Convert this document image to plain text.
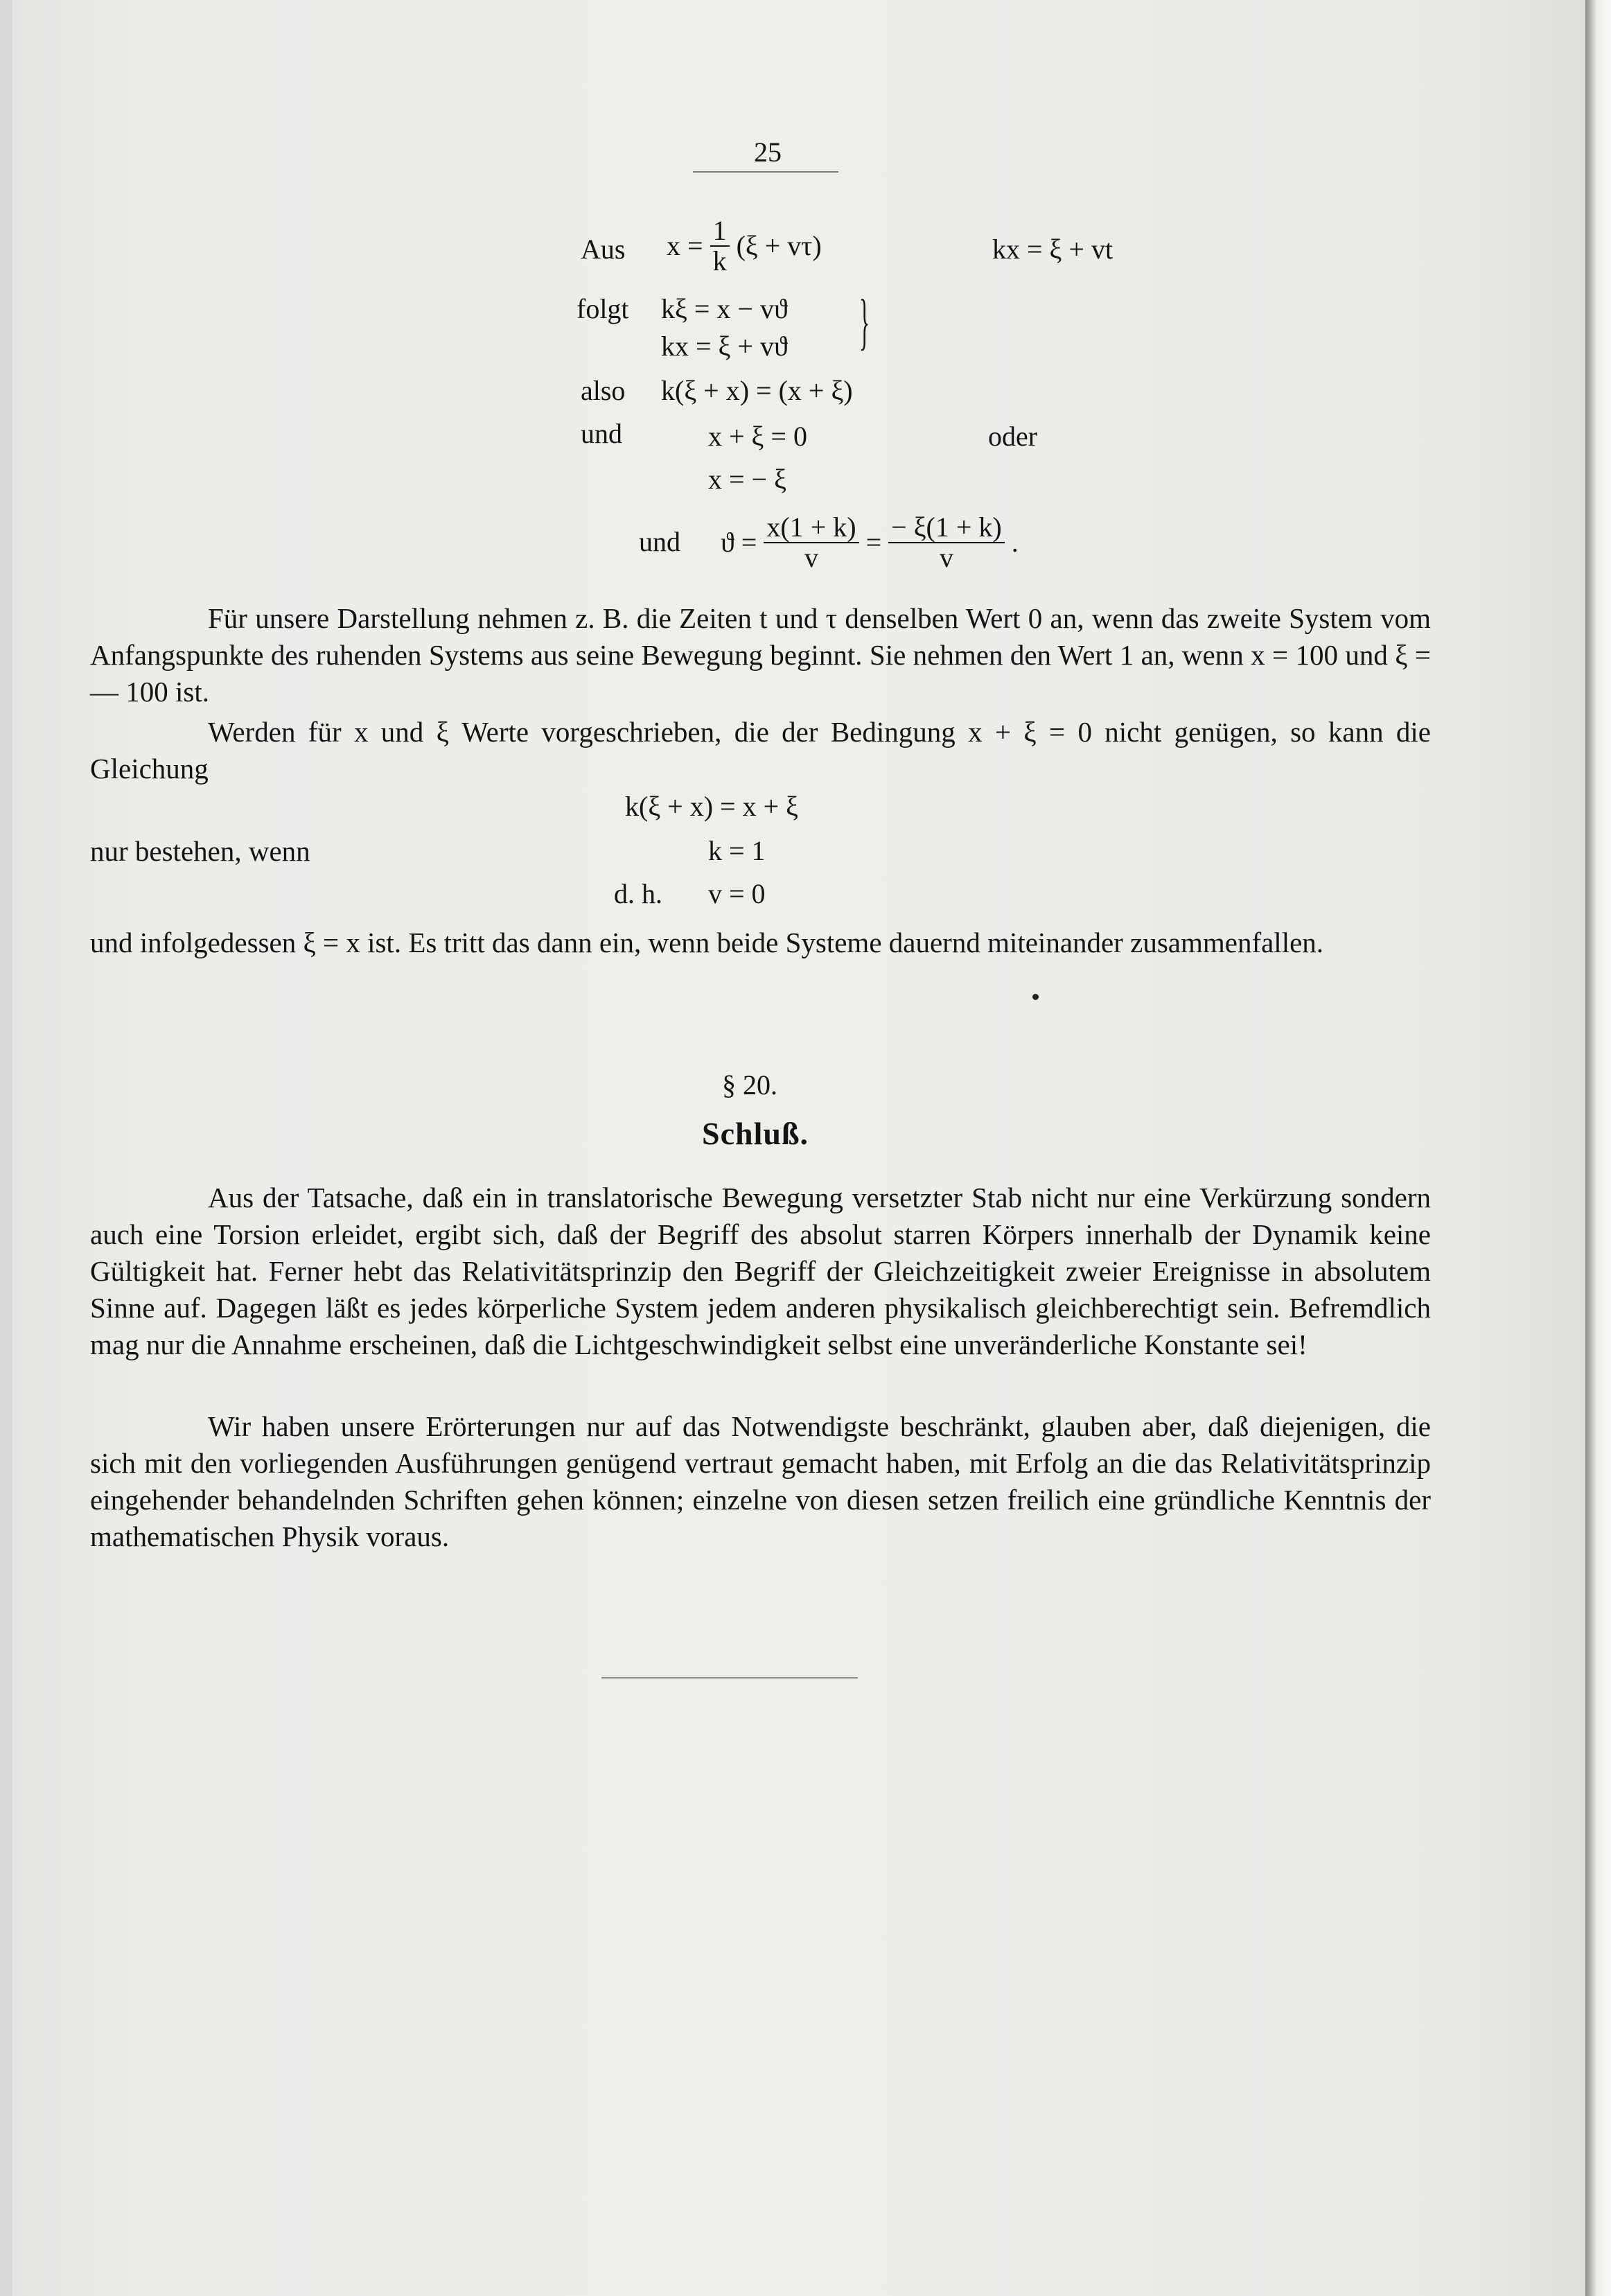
25
Aus $x = \frac{1}{k} (\xi + v\tau)$	kx = ξ + vt
folgt kξ = x − vϑ
kx = ξ + vϑ }
also k(ξ + x) = (x + ξ)
und	x + ξ = 0	oder
x = − ξ
und $ϑ = \frac{x(1 + k)}{v} = \frac{- \xi(1 + k)}{v}$ .
Für unsere Darstellung nehmen z. B. die Zeiten t und τ denselben Wert 0 an, wenn das zweite System vom Anfangspunkte des ruhenden Systems aus seine Bewegung beginnt. Sie nehmen den Wert 1 an, wenn x = 100 und ξ = — 100 ist.
Werden für x und ξ Werte vorgeschrieben, die der Bedingung x + ξ = 0 nicht genügen, so kann die Gleichung
k(ξ + x) = x + ξ
nur bestehen, wenn	k = 1
d. h. v = 0
und infolgedessen ξ = x ist. Es tritt das dann ein, wenn beide Systeme dauernd miteinander zusammenfallen.
§ 20.
Schluß.
Aus der Tatsache, daß ein in translatorische Bewegung versetzter Stab nicht nur eine Verkürzung sondern auch eine Torsion erleidet, ergibt sich, daß der Begriff des absolut starren Körpers innerhalb der Dynamik keine Gültigkeit hat. Ferner hebt das Relativitätsprinzip den Begriff der Gleichzeitigkeit zweier Ereignisse in absolutem Sinne auf. Dagegen läßt es jedes körperliche System jedem anderen physikalisch gleichberechtigt sein. Befremdlich mag nur die Annahme erscheinen, daß die Lichtgeschwindigkeit selbst eine unveränderliche Konstante sei!
Wir haben unsere Erörterungen nur auf das Notwendigste beschränkt, glauben aber, daß diejenigen, die sich mit den vorliegenden Ausführungen genügend vertraut gemacht haben, mit Erfolg an die das Relativitätsprinzip eingehender behandelnden Schriften gehen können; einzelne von diesen setzen freilich eine gründliche Kenntnis der mathematischen Physik voraus.
